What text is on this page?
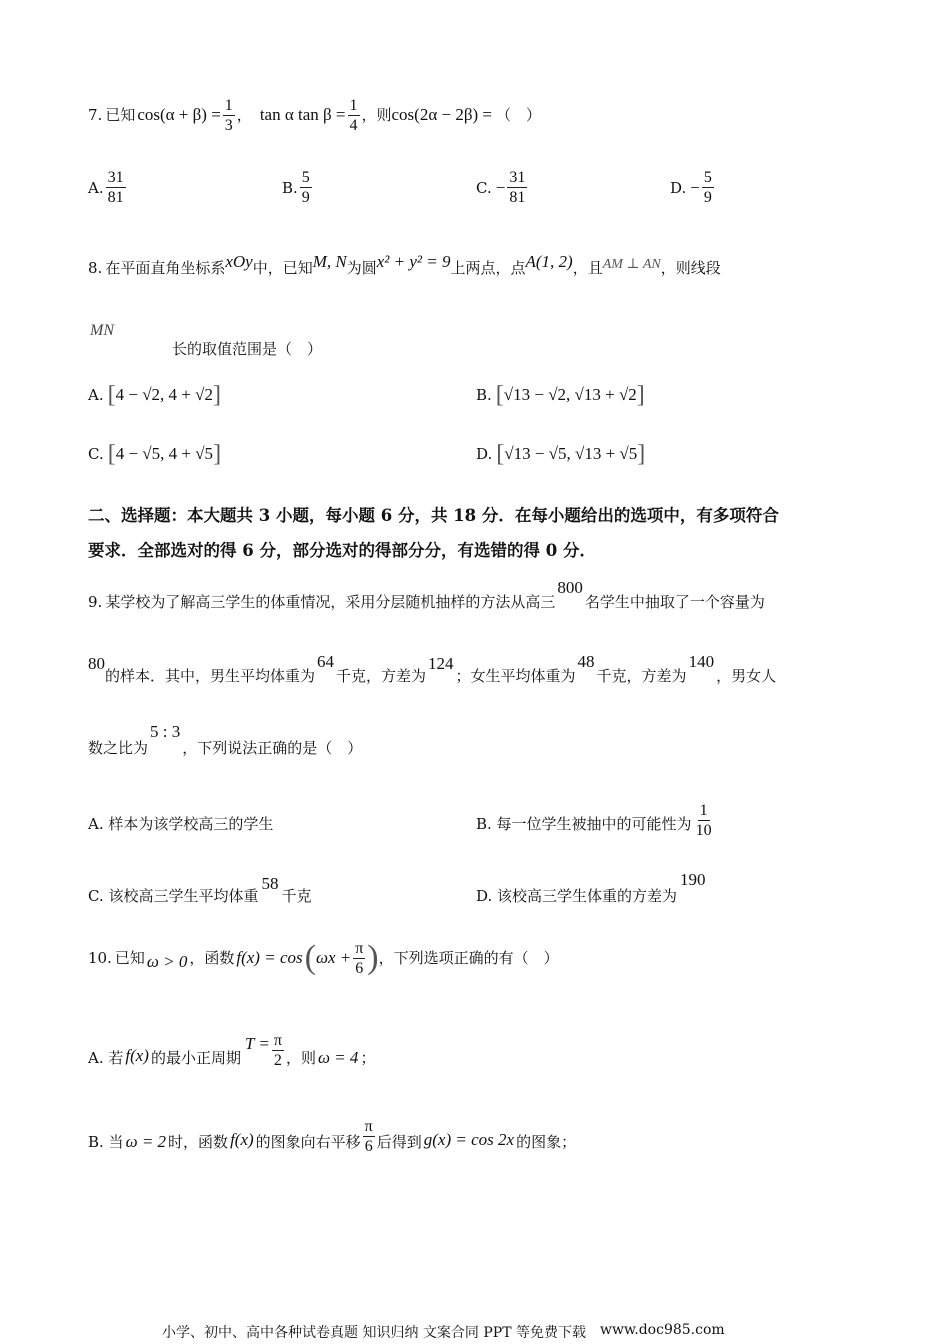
7. 已知 $\cos(\alpha + \beta) = \frac{1}{3}$ ， tan α $\tan \beta = \frac{1}{4}$ ，则 cos(2α − 2β) = （　）
A. $\frac{31}{81}$	B. $\frac{5}{9}$	C. − $\frac{31}{81}$	D. − $\frac{5}{9}$
8. 在平面直角坐标系 xOy 中，已知 M, N 为圆 x² + y² = 9 上两点，点 A(1, 2) ，且 AM ⊥ AN ，则线段
MN
长的取值范围是（　）
A. [ 4 − √2 , 4 + √2 ]	B. [ √13 − √2 , √13 + √2 ]
C. [ 4 − √5 , 4 + √5 ]	D. [ √13 − √5 , √13 + √5 ]
二、选择题：本大题共 3 小题，每小题 6 分，共 18 分．在每小题给出的选项中，有多项符合
要求．全部选对的得 6 分，部分选对的得部分分，有选错的得 0 分．
9. 某学校为了解高三学生的体重情况，采用分层随机抽样的方法从高三
800
名学生中抽取了一个容量为
80
的样本．其中，男生平均体重为
64
千克，方差为
124
；女生平均体重为
48
千克，方差为
140
，男女人
数之比为
5 : 3
，下列说法正确的是（　）
A. 样本为该学校高三的学生	B. 每一位学生被抽中的可能性为 $\frac{1}{10}$
C. 该校高三学生平均体重
58
千克	D. 该校高三学生体重的方差为
190
10. 已知 ω > 0 ，函数 f(x) = cos ( $\omega x + \frac{\pi}{6}$ ) ，下列选项正确的有（　）
A. 若 f(x) 的最小正周期
$T = \frac{\pi}{2}$ ，则 ω = 4 ；
B. 当 ω = 2 时，函数 f(x) 的图象向右平移 $\frac{\pi}{6}$ 后得到 g(x) = cos 2x 的图象；
小学、初中、高中各种试卷真题 知识归纳 文案合同 PPT 等免费下载 www.doc985.com
